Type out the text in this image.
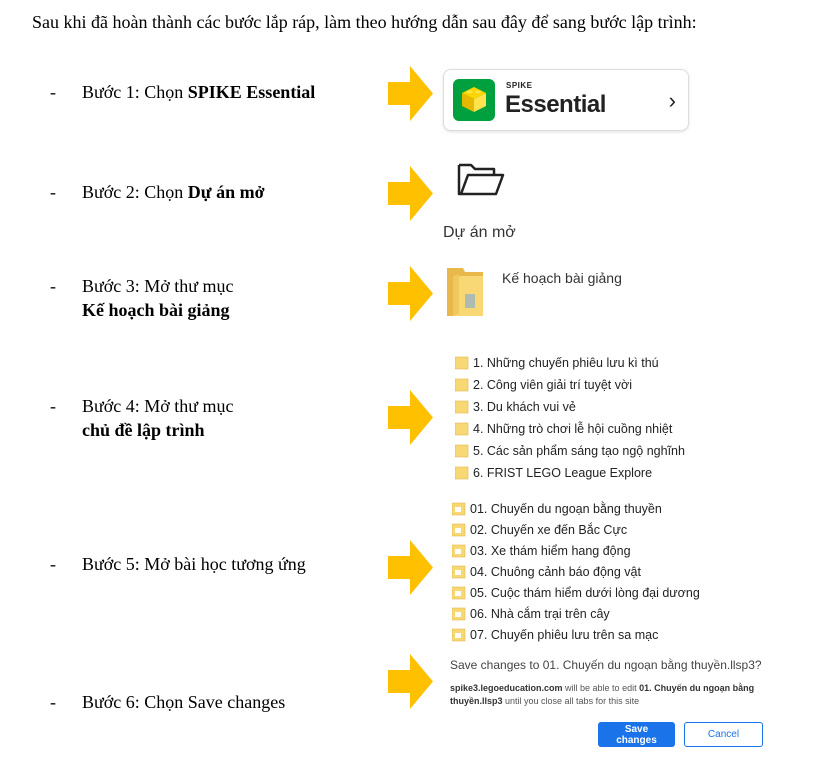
Sau khi đã hoàn thành các bước lắp ráp, làm theo hướng dẫn sau đây để sang bước lập trình:
- Bước 1: Chọn SPIKE Essential
- Bước 2: Chọn Dự án mở
- Bước 3: Mở thư mục
Kế hoạch bài giảng
- Bước 4: Mở thư mục
chủ đề lập trình
- Bước 5: Mở bài học tương ứng
- Bước 6: Chọn Save changes
SPIKE
Essential	›
Dự án mở
Kế hoạch bài giảng
1. Những chuyến phiêu lưu kì thú
2. Công viên giải trí tuyệt vời
3. Du khách vui vẻ
4. Những trò chơi lễ hội cuồng nhiệt
5. Các sản phẩm sáng tạo ngộ nghĩnh
6. FRIST LEGO League Explore
01. Chuyến du ngoạn bằng thuyền
02. Chuyến xe đến Bắc Cực
03. Xe thám hiểm hang động
04. Chuông cảnh báo động vật
05. Cuộc thám hiểm dưới lòng đại dương
06. Nhà cắm trại trên cây
07. Chuyến phiêu lưu trên sa mạc
Save changes to 01. Chuyến du ngoạn bằng thuyền.llsp3?
spike3.legoeducation.com will be able to edit 01. Chuyến du ngoạn bằng thuyền.llsp3 until you close all tabs for this site
Save changes	Cancel
